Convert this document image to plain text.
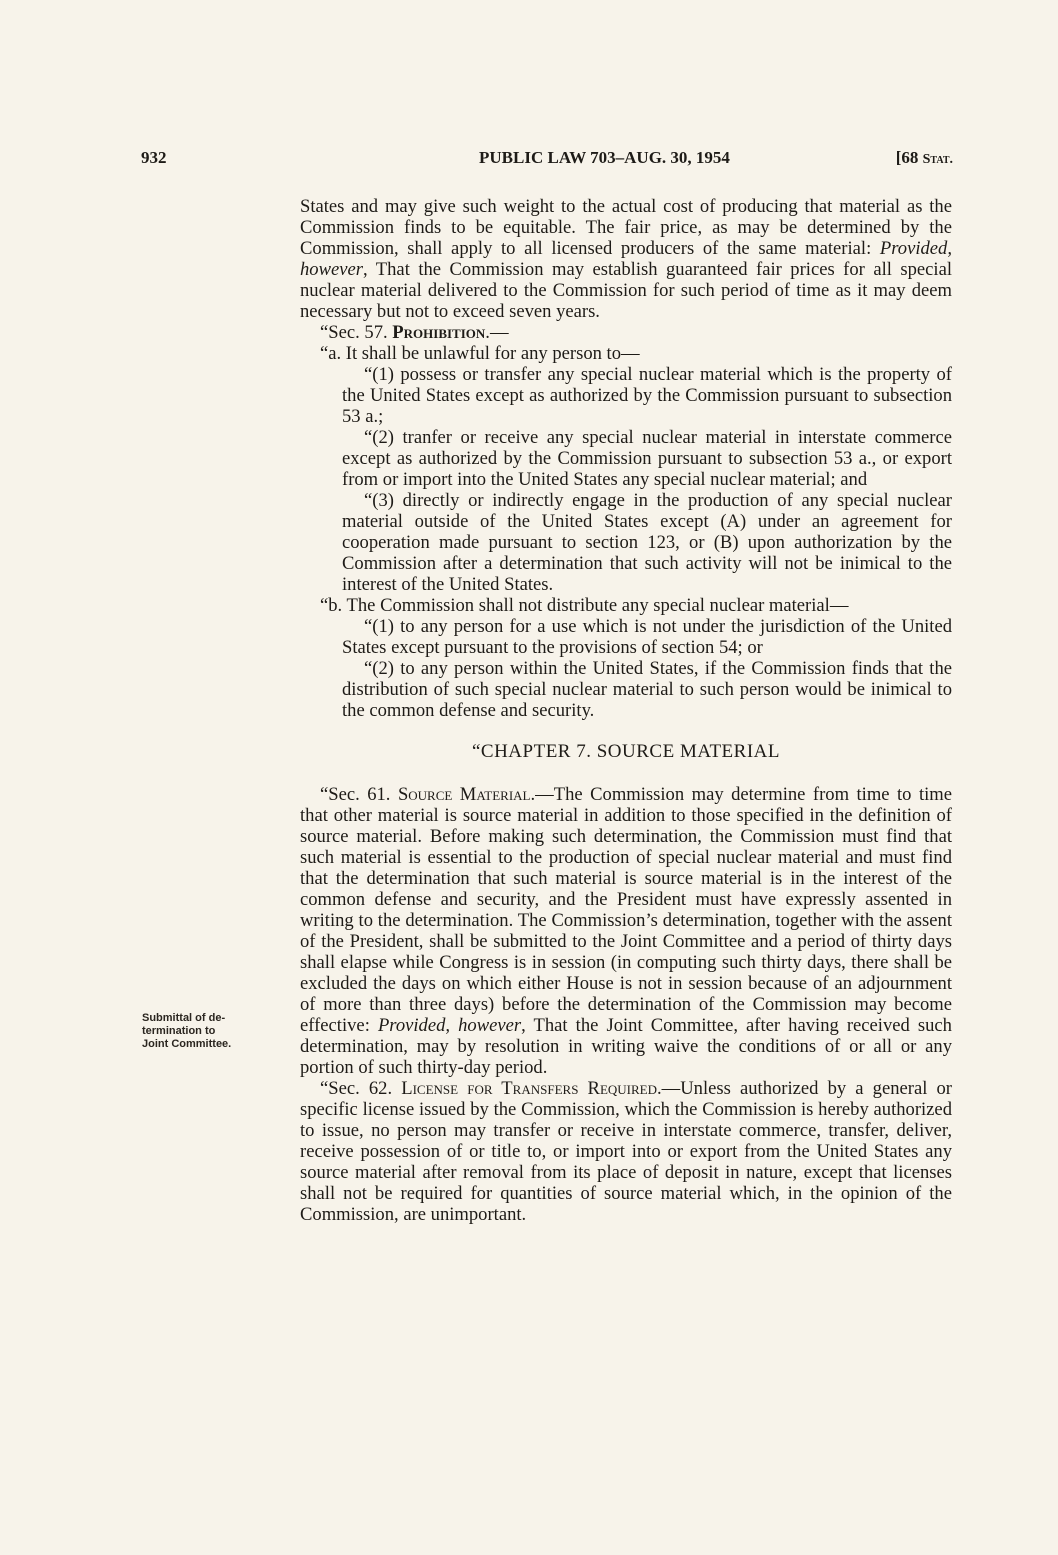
932	PUBLIC LAW 703–AUG. 30, 1954	[68 Stat.
Submittal of de-
termination to
Joint Committee.

States and may give such weight to the actual cost of producing that material as the Commission finds to be equitable. The fair price, as may be determined by the Commission, shall apply to all licensed producers of the same material: Provided, however, That the Commission may establish guaranteed fair prices for all special nuclear material delivered to the Commission for such period of time as it may deem necessary but not to exceed seven years.

“Sec. 57. Prohibition.—

“a. It shall be unlawful for any person to—

“(1) possess or transfer any special nuclear material which is the property of the United States except as authorized by the Commission pursuant to subsection 53 a.;

“(2) tranfer or receive any special nuclear material in interstate commerce except as authorized by the Commission pursuant to subsection 53 a., or export from or import into the United States any special nuclear material; and

“(3) directly or indirectly engage in the production of any special nuclear material outside of the United States except (A) under an agreement for cooperation made pursuant to section 123, or (B) upon authorization by the Commission after a determination that such activity will not be inimical to the interest of the United States.

“b. The Commission shall not distribute any special nuclear material—

“(1) to any person for a use which is not under the jurisdiction of the United States except pursuant to the provisions of section 54; or

“(2) to any person within the United States, if the Commission finds that the distribution of such special nuclear material to such person would be inimical to the common defense and security.

“CHAPTER 7. SOURCE MATERIAL

“Sec. 61. Source Material.—The Commission may determine from time to time that other material is source material in addition to those specified in the definition of source material. Before making such determination, the Commission must find that such material is essential to the production of special nuclear material and must find that the determination that such material is source material is in the interest of the common defense and security, and the President must have expressly assented in writing to the determination. The Commission’s determination, together with the assent of the President, shall be submitted to the Joint Committee and a period of thirty days shall elapse while Congress is in session (in computing such thirty days, there shall be excluded the days on which either House is not in session because of an adjournment of more than three days) before the determination of the Commission may become effective: Provided, however, That the Joint Committee, after having received such determination, may by resolution in writing waive the conditions of or all or any portion of such thirty-day period.

“Sec. 62. License for Transfers Required.—Unless authorized by a general or specific license issued by the Commission, which the Commission is hereby authorized to issue, no person may transfer or receive in interstate commerce, transfer, deliver, receive possession of or title to, or import into or export from the United States any source material after removal from its place of deposit in nature, except that licenses shall not be required for quantities of source material which, in the opinion of the Commission, are unimportant.
